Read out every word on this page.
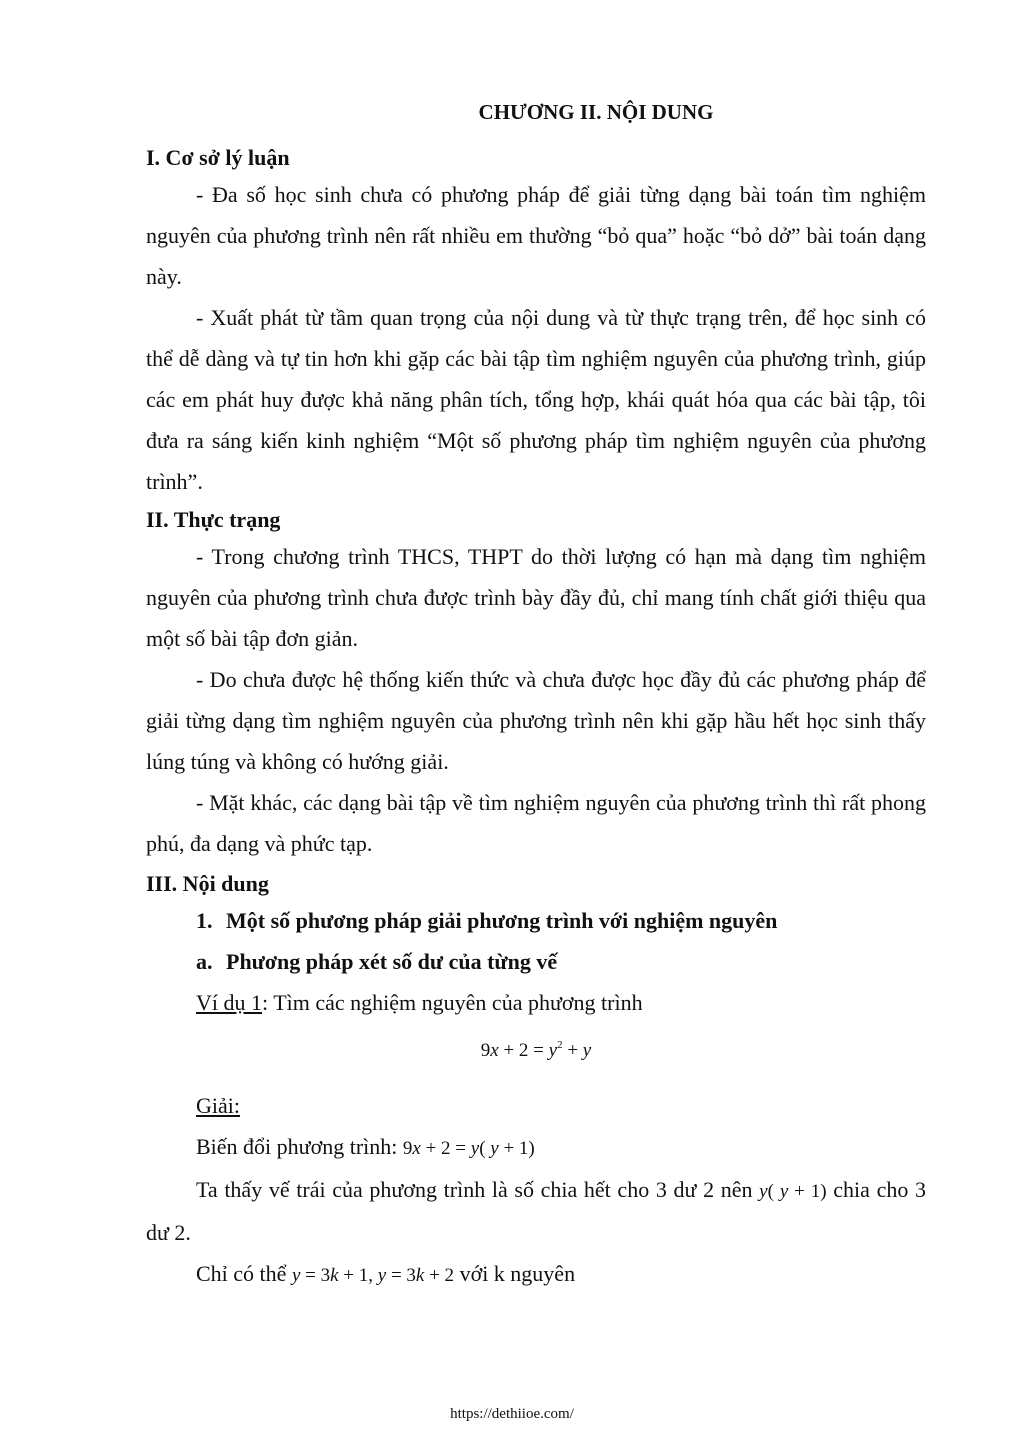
CHƯƠNG II. NỘI DUNG
I. Cơ sở lý luận

- Đa số học sinh chưa có phương pháp để giải từng dạng bài toán tìm nghiệm nguyên của phương trình nên rất nhiều em thường “bỏ qua” hoặc “bỏ dở” bài toán dạng này.

- Xuất phát từ tầm quan trọng của nội dung và từ thực trạng trên, để học sinh có thể dễ dàng và tự tin hơn khi gặp các bài tập tìm nghiệm nguyên của phương trình, giúp các em phát huy được khả năng phân tích, tổng hợp, khái quát hóa qua các bài tập, tôi đưa ra sáng kiến kinh nghiệm “Một số phương pháp tìm nghiệm nguyên của phương trình”.

II. Thực trạng

- Trong chương trình THCS, THPT do thời lượng có hạn mà dạng tìm nghiệm nguyên của phương trình chưa được trình bày đầy đủ, chỉ mang tính chất giới thiệu qua một số bài tập đơn giản.

- Do chưa được hệ thống kiến thức và chưa được học đầy đủ các phương pháp để giải từng dạng tìm nghiệm nguyên của phương trình nên khi gặp hầu hết học sinh thấy lúng túng và không có hướng giải.

- Mặt khác, các dạng bài tập về tìm nghiệm nguyên của phương trình thì rất phong phú, đa dạng và phức tạp.

III. Nội dung
1. Một số phương pháp giải phương trình với nghiệm nguyên
a. Phương pháp xét số dư của từng vế
Ví dụ 1: Tìm các nghiệm nguyên của phương trình
$9x + 2 = y^2 + y$
Giải:
Biến đổi phương trình: 9x + 2 = y( y + 1)

Ta thấy vế trái của phương trình là số chia hết cho 3 dư 2 nên y( y + 1) chia cho 3 dư 2.

Chỉ có thể y = 3k + 1, y = 3k + 2 với k nguyên
https://dethiioe.com/
